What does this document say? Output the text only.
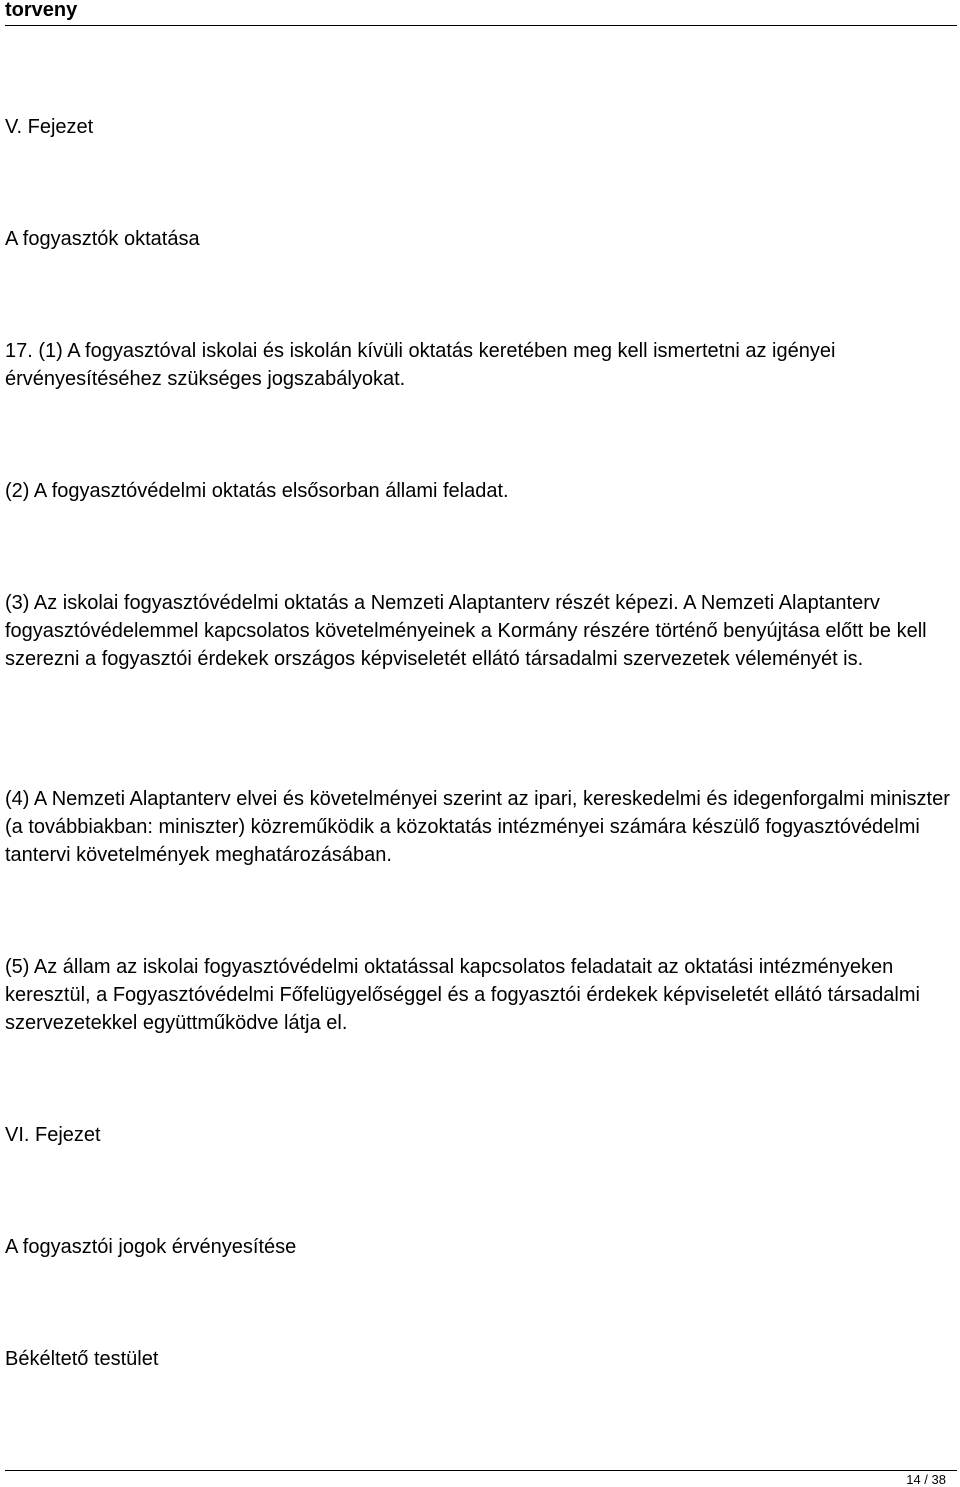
torveny

V. Fejezet

A fogyasztók oktatása

17. (1) A fogyasztóval iskolai és iskolán kívüli oktatás keretében meg kell ismertetni az igényei érvényesítéséhez szükséges jogszabályokat.

(2) A fogyasztóvédelmi oktatás elsősorban állami feladat.

(3) Az iskolai fogyasztóvédelmi oktatás a Nemzeti Alaptanterv részét képezi. A Nemzeti Alaptanterv fogyasztóvédelemmel kapcsolatos követelményeinek a Kormány részére történő benyújtása előtt be kell szerezni a fogyasztói érdekek országos képviseletét ellátó társadalmi szervezetek véleményét is.

(4) A Nemzeti Alaptanterv elvei és követelményei szerint az ipari, kereskedelmi és idegenforgalmi miniszter (a továbbiakban: miniszter) közreműködik a közoktatás intézményei számára készülő fogyasztóvédelmi tantervi követelmények meghatározásában.

(5) Az állam az iskolai fogyasztóvédelmi oktatással kapcsolatos feladatait az oktatási intézményeken keresztül, a Fogyasztóvédelmi Főfelügyelőséggel és a fogyasztói érdekek képviseletét ellátó társadalmi szervezetekkel együttműködve látja el.

VI. Fejezet

A fogyasztói jogok érvényesítése

Békéltető testület

14 / 38
